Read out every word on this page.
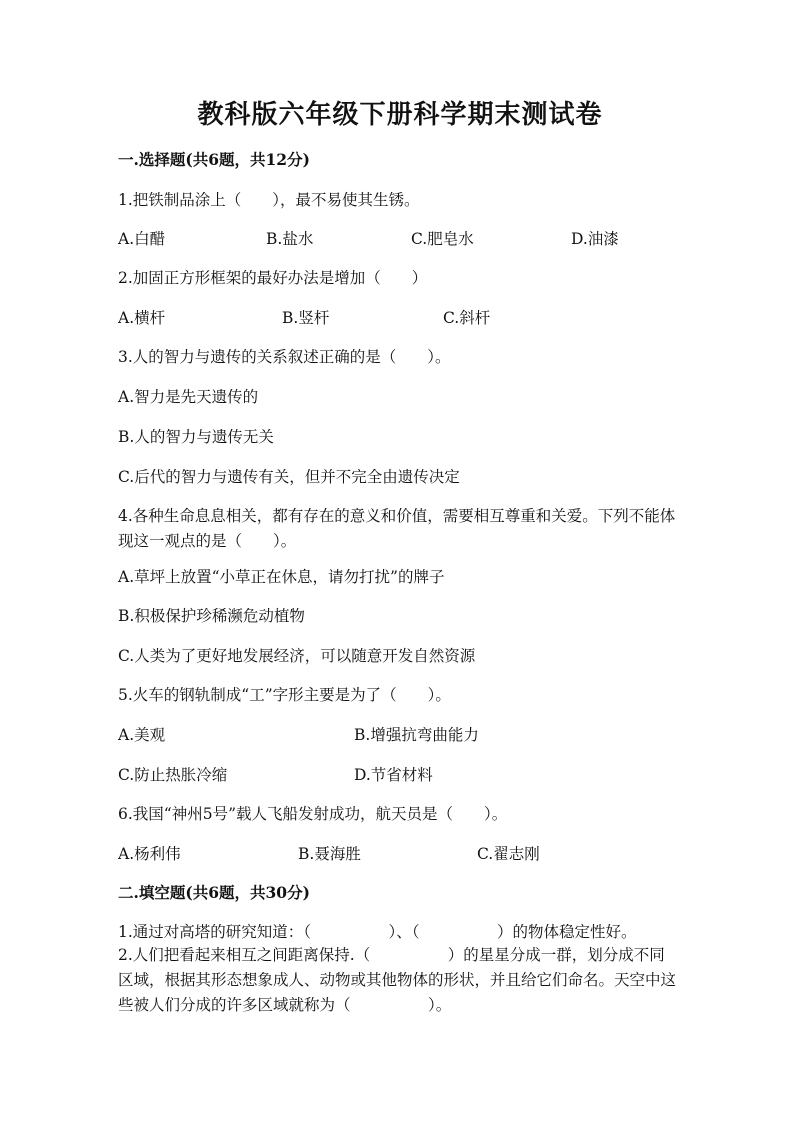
教科版六年级下册科学期末测试卷
一.选择题(共6题，共12分)
1.把铁制品涂上（　　），最不易使其生锈。
A.白醋	B.盐水	C.肥皂水	D.油漆
2.加固正方形框架的最好办法是增加（　　）
A.横杆	B.竖杆	C.斜杆
3.人的智力与遗传的关系叙述正确的是（　　）。
A.智力是先天遗传的
B.人的智力与遗传无关
C.后代的智力与遗传有关，但并不完全由遗传决定
4.各种生命息息相关，都有存在的意义和价值，需要相互尊重和关爱。下列不能体现这一观点的是（　　）。
A.草坪上放置“小草正在休息，请勿打扰”的牌子
B.积极保护珍稀濒危动植物
C.人类为了更好地发展经济，可以随意开发自然资源
5.火车的钢轨制成“工”字形主要是为了（　　）。
A.美观	B.增强抗弯曲能力
C.防止热胀冷缩	D.节省材料
6.我国“神州5号”载人飞船发射成功，航天员是（　　）。
A.杨利伟	B.聂海胜	C.翟志刚
二.填空题(共6题，共30分)
1.通过对高塔的研究知道：（　　　　　）、（　　　　　）的物体稳定性好。
2.人们把看起来相互之间距离保持.（　　　　　）的星星分成一群，划分成不同区域，根据其形态想象成人、动物或其他物体的形状，并且给它们命名。天空中这些被人们分成的许多区域就称为（　　　　　）。
